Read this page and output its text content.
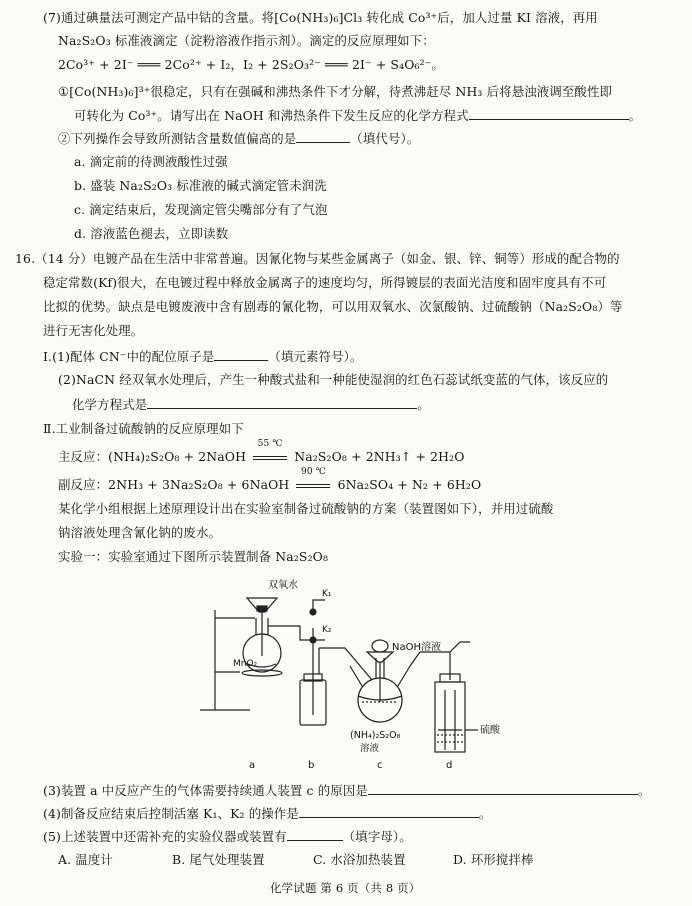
(7)通过碘量法可测定产品中钴的含量。将[Co(NH₃)₆]Cl₃ 转化成 Co³⁺后，加人过量 KI 溶液，再用
Na₂S₂O₃ 标准液滴定（淀粉溶液作指示剂）。滴定的反应原理如下：
2Co³⁺ + 2I⁻ ═══ 2Co²⁺ + I₂，I₂ + 2S₂O₃²⁻ ═══ 2I⁻ + S₄O₆²⁻。
①[Co(NH₃)₆]³⁺很稳定，只有在强碱和沸热条件下才分解，待煮沸赶尽 NH₃ 后将悬浊液调至酸性即
可转化为 Co³⁺。请写出在 NaOH 和沸热条件下发生反应的化学方程式	。
②下列操作会导致所测钴含量数值偏高的是	（填代号）。
a. 滴定前的待测液酸性过强
b. 盛装 Na₂S₂O₃ 标准液的碱式滴定管未润洗
c. 滴定结束后，发现滴定管尖嘴部分有了气泡
d. 溶液蓝色褪去，立即读数
16.（14 分）电镀产品在生活中非常普遍。因氰化物与某些金属离子（如金、银、锌、铜等）形成的配合物的
稳定常数(Kf)很大，在电镀过程中释放金属离子的速度均匀，所得镀层的表面光洁度和固牢度具有不可
比拟的优势。缺点是电镀废液中含有剧毒的氰化物，可以用双氧水、次氯酸钠、过硫酸钠（Na₂S₂O₈）等
进行无害化处理。
Ⅰ.(1)配体 CN⁻中的配位原子是	（填元素符号）。
(2)NaCN 经双氧水处理后，产生一种酸式盐和一种能使湿润的红色石蕊试纸变蓝的气体，该反应的
化学方程式是	。
Ⅱ.工业制备过硫酸钠的反应原理如下
主反应：(NH₄)₂S₂O₈ + 2NaOH
55 ℃
Na₂S₂O₈ + 2NH₃↑ + 2H₂O
副反应：2NH₃ + 3Na₂S₂O₈ + 6NaOH
90 ℃
6Na₂SO₄ + N₂ + 6H₂O
某化学小组根据上述原理设计出在实验室制备过硫酸钠的方案（装置图如下），并用过硫酸
钠溶液处理含氰化钠的废水。
实验一：实验室通过下图所示装置制备 Na₂S₂O₈
双氧水
K₁
K₂
MnO₂
NaOH溶液
(NH₄)₂S₂O₈
溶液
硫酸
a	b	c	d
(3)装置 a 中反应产生的气体需要持续通人装置 c 的原因是	。
(4)制备反应结束后控制活塞 K₁、K₂ 的操作是	。
(5)上述装置中还需补充的实验仪器或装置有	（填字母）。
A. 温度计	B. 尾气处理装置	C. 水浴加热装置	D. 环形搅拌棒
化学试题 第 6 页（共 8 页）
